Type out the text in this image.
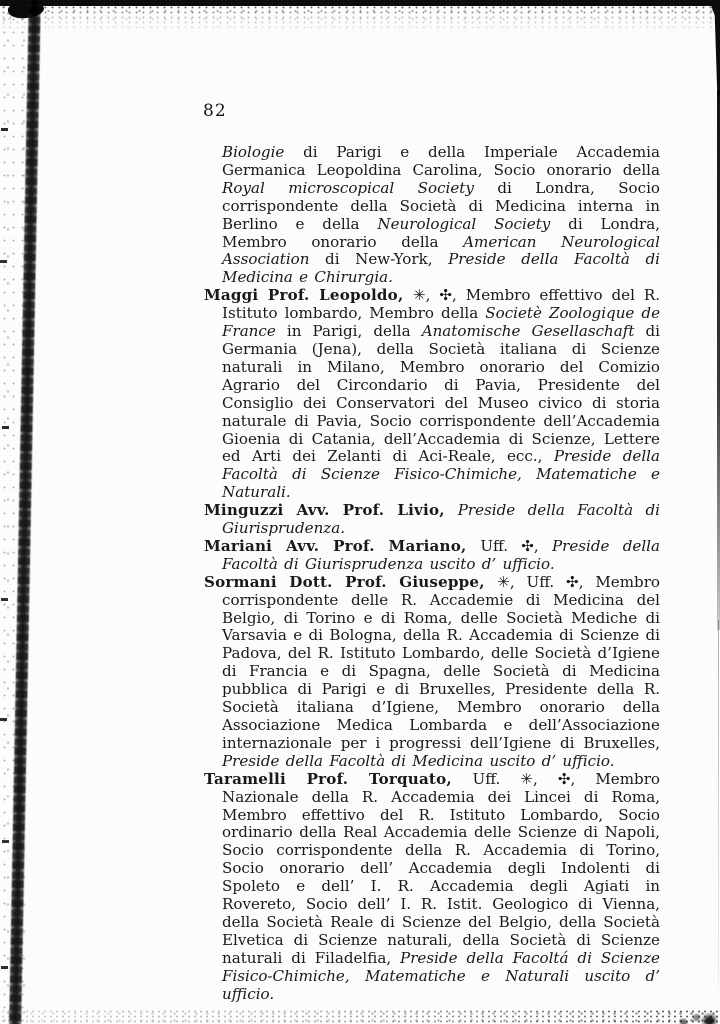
82

Biologie di Parigi e della Imperiale Accademia Germanica Leopoldina Carolina, Socio onorario della Royal microscopical Society di Londra, Socio corrispondente della Società di Medicina interna in Berlino e della Neurological Society di Londra, Membro onorario della American Neurological Association di New-York, Preside della Facoltà di Medicina e Chirurgia.

Maggi Prof. Leopoldo, ✳, ✣, Membro effettivo del R. Istituto lombardo, Membro della Societè Zoologique de France in Parigi, della Anatomische Gesellaschaft di Germania (Jena), della Società italiana di Scienze naturali in Milano, Membro onorario del Comizio Agrario del Circondario di Pavia, Presidente del Consiglio dei Conservatori del Museo civico di storia naturale di Pavia, Socio corrispondente dell’Accademia Gioenia di Catania, dell’Accademia di Scienze, Lettere ed Arti dei Zelanti di Aci-Reale, ecc., Preside della Facoltà di Scienze Fisico-Chimiche, Matematiche e Naturali.

Minguzzi Avv. Prof. Livio, Preside della Facoltà di Giurisprudenza.

Mariani Avv. Prof. Mariano, Uff. ✣, Preside della Facoltà di Giurisprudenza uscito d’ ufficio.

Sormani Dott. Prof. Giuseppe, ✳, Uff. ✣, Membro corrispondente delle R. Accademie di Medicina del Belgio, di Torino e di Roma, delle Società Mediche di Varsavia e di Bologna, della R. Accademia di Scienze di Padova, del R. Istituto Lombardo, delle Società d’Igiene di Francia e di Spagna, delle Società di Medicina pubblica di Parigi e di Bruxelles, Presidente della R. Società italiana d’Igiene, Membro onorario della Associazione Medica Lombarda e dell’Associazione internazionale per i progressi dell’Igiene di Bruxelles, Preside della Facoltà di Medicina uscito d’ ufficio.

Taramelli Prof. Torquato, Uff. ✳, ✣, Membro Nazionale della R. Accademia dei Lincei di Roma, Membro effettivo del R. Istituto Lombardo, Socio ordinario della Real Accademia delle Scienze di Napoli, Socio corrispondente della R. Accademia di Torino, Socio onorario dell’ Accademia degli Indolenti di Spoleto e dell’ I. R. Accademia degli Agiati in Rovereto, Socio dell’ I. R. Istit. Geologico di Vienna, della Società Reale di Scienze del Belgio, della Società Elvetica di Scienze naturali, della Società di Scienze naturali di Filadelfia, Preside della Facoltá di Scienze Fisico-Chimiche, Matematiche e Naturali uscito d’ ufficio.
